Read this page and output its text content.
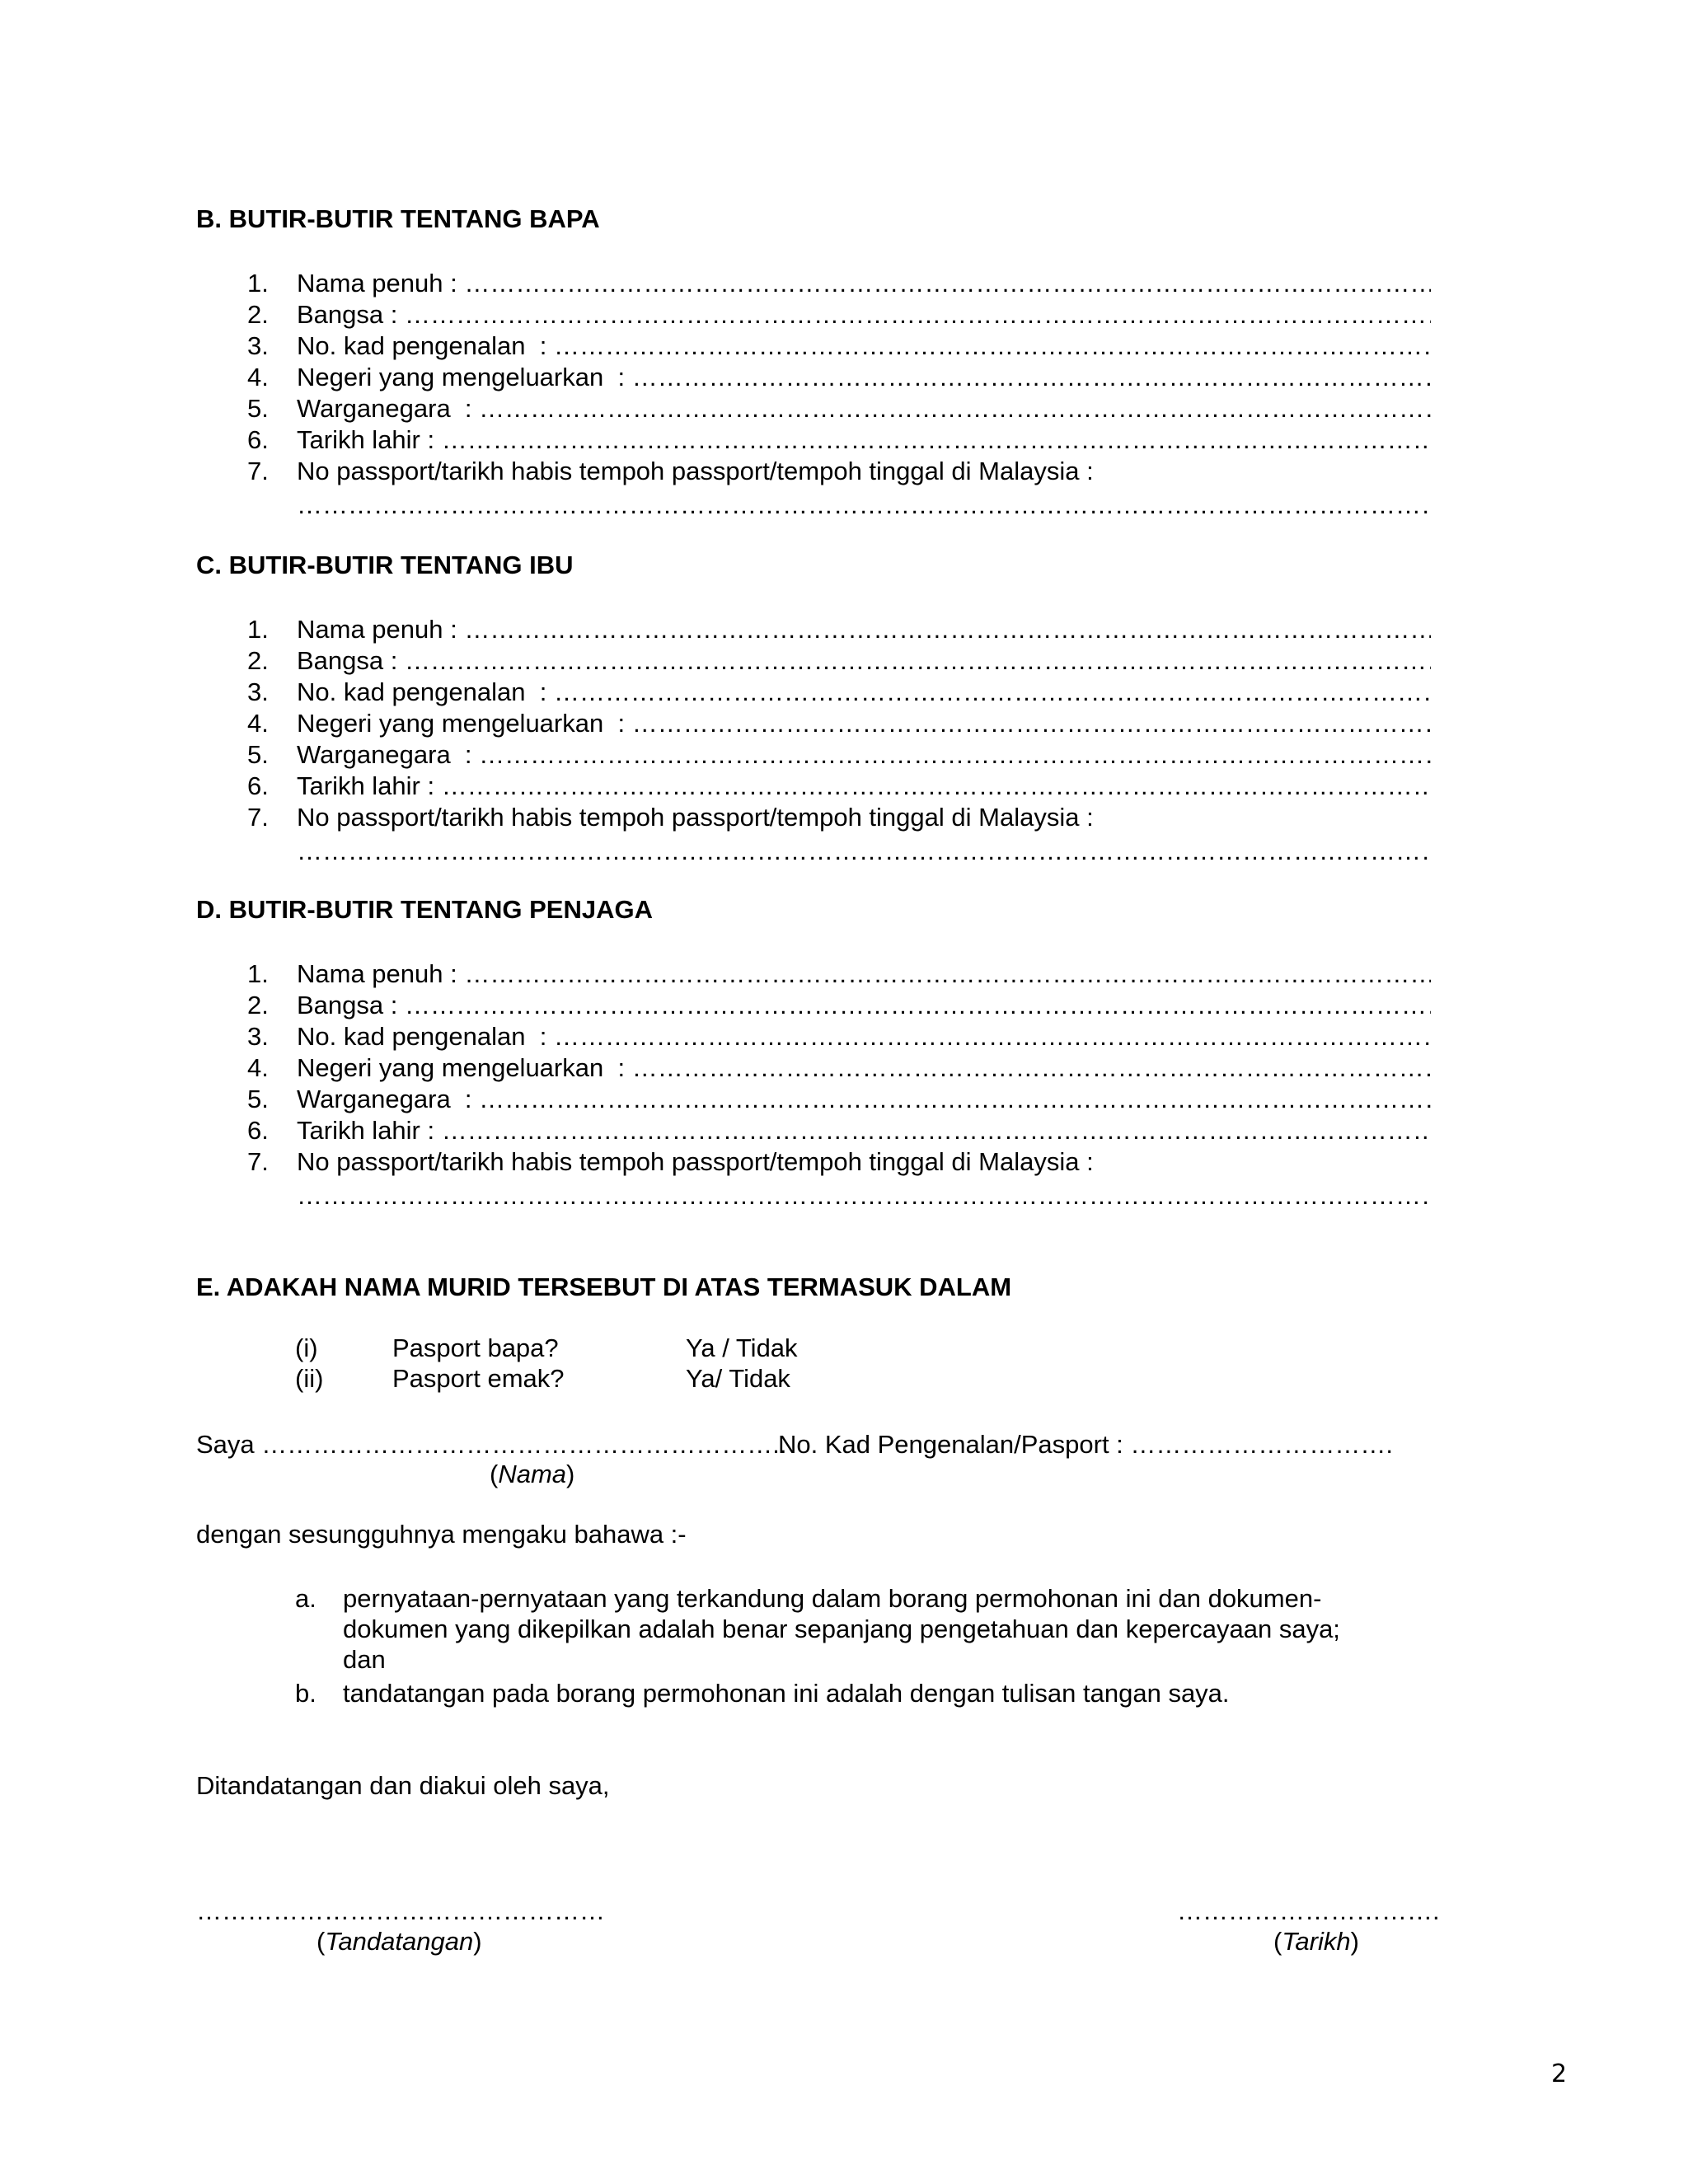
B. BUTIR-BUTIR TENTANG BAPA
1.	Nama penuh :
………………………………………………………………………………………………………………………………………………………………………………………………………………………………………………………………………………
2.	Bangsa :
………………………………………………………………………………………………………………………………………………………………………………………………………………………………………………………………………………
3.	No. kad pengenalan :
………………………………………………………………………………………………………………………………………………………………………………………………………………………………………………………………………………
4.	Negeri yang mengeluarkan :
………………………………………………………………………………………………………………………………………………………………………………………………………………………………………………………………………………
5.	Warganegara :
………………………………………………………………………………………………………………………………………………………………………………………………………………………………………………………………………………
6.	Tarikh lahir :
………………………………………………………………………………………………………………………………………………………………………………………………………………………………………………………………………………
7.	No passport/tarikh habis tempoh passport/tempoh tinggal di Malaysia :
………………………………………………………………………………………………………………………………………………………………………………………………………………………………………………………………………………
C. BUTIR-BUTIR TENTANG IBU
1.	Nama penuh :
………………………………………………………………………………………………………………………………………………………………………………………………………………………………………………………………………………
2.	Bangsa :
………………………………………………………………………………………………………………………………………………………………………………………………………………………………………………………………………………
3.	No. kad pengenalan :
………………………………………………………………………………………………………………………………………………………………………………………………………………………………………………………………………………
4.	Negeri yang mengeluarkan :
………………………………………………………………………………………………………………………………………………………………………………………………………………………………………………………………………………
5.	Warganegara :
………………………………………………………………………………………………………………………………………………………………………………………………………………………………………………………………………………
6.	Tarikh lahir :
………………………………………………………………………………………………………………………………………………………………………………………………………………………………………………………………………………
7.	No passport/tarikh habis tempoh passport/tempoh tinggal di Malaysia :
………………………………………………………………………………………………………………………………………………………………………………………………………………………………………………………………………………
D. BUTIR-BUTIR TENTANG PENJAGA
1.	Nama penuh :
………………………………………………………………………………………………………………………………………………………………………………………………………………………………………………………………………………
2.	Bangsa :
………………………………………………………………………………………………………………………………………………………………………………………………………………………………………………………………………………
3.	No. kad pengenalan :
………………………………………………………………………………………………………………………………………………………………………………………………………………………………………………………………………………
4.	Negeri yang mengeluarkan :
………………………………………………………………………………………………………………………………………………………………………………………………………………………………………………………………………………
5.	Warganegara :
………………………………………………………………………………………………………………………………………………………………………………………………………………………………………………………………………………
6.	Tarikh lahir :
………………………………………………………………………………………………………………………………………………………………………………………………………………………………………………………………………………
7.	No passport/tarikh habis tempoh passport/tempoh tinggal di Malaysia :
………………………………………………………………………………………………………………………………………………………………………………………………………………………………………………………………………………
E. ADAKAH NAMA MURID TERSEBUT DI ATAS TERMASUK DALAM
(i)	Pasport bapa?	Ya / Tidak
(ii)	Pasport emak?	Ya/ Tidak
Saya ……………………………………………………..
No. Kad Pengenalan/Pasport : ………………………….
(Nama)
dengan sesungguhnya mengaku bahawa :-
a. pernyataan-pernyataan yang terkandung dalam borang permohonan ini dan dokumen-
dokumen yang dikepilkan adalah benar sepanjang pengetahuan dan kepercayaan saya;
dan
b. tandatangan pada borang permohonan ini adalah dengan tulisan tangan saya.
Ditandatangan dan diakui oleh saya,
…………………………………………
(Tandatangan)
………………………….
(Tarikh)
2
